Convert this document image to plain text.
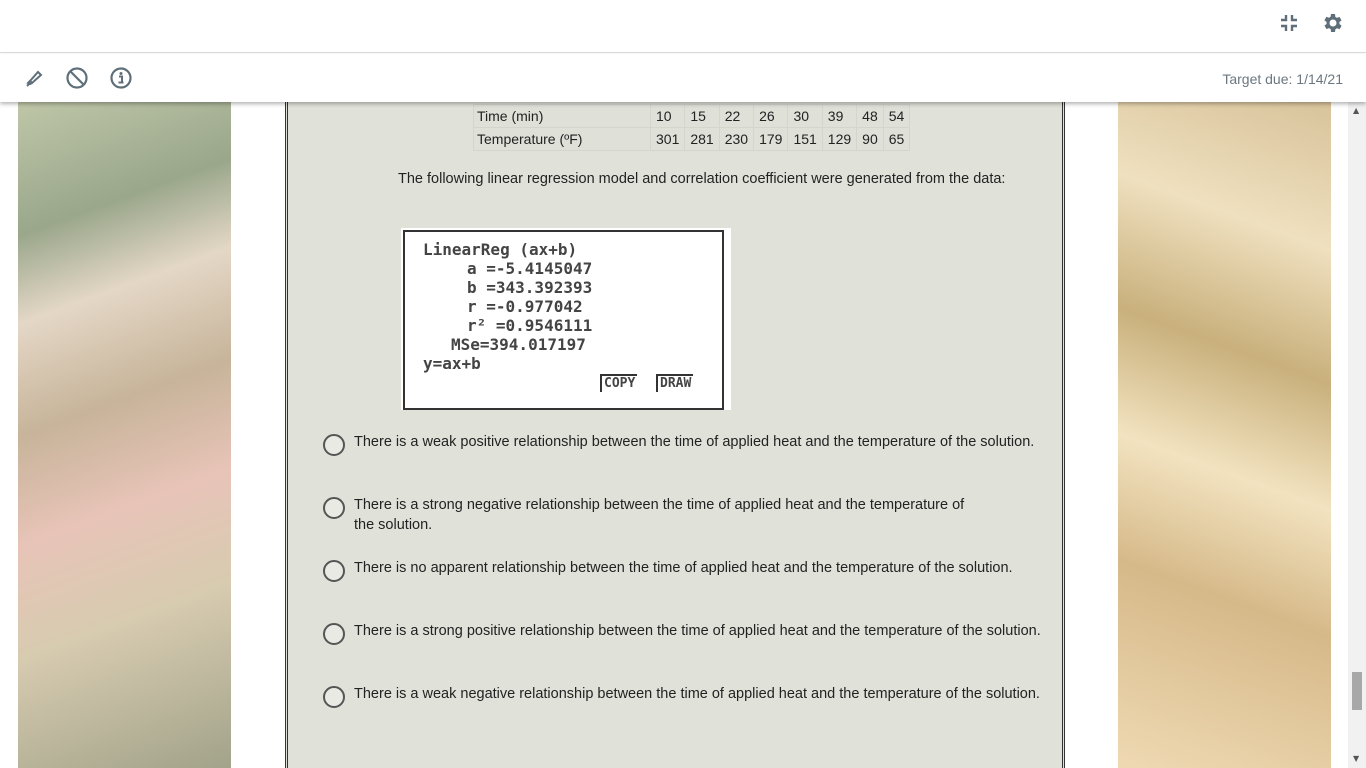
Target due: 1/14/21
Time (min)	10	15	22	26	30	39	48	54
Temperature (ºF)	301	281	230	179	151	129	90	65
The following linear regression model and correlation coefficient were generated from the data:
LinearReg (ax+b)
a =-5.4145047
b =343.392393
r =-0.977042
r² =0.9546111
MSe=394.017197
y=ax+b
COPY	DRAW
There is a weak positive relationship between the time of applied heat and the temperature of the solution.
There is a strong negative relationship between the time of applied heat and the temperature of the solution.
There is no apparent relationship between the time of applied heat and the temperature of the solution.
There is a strong positive relationship between the time of applied heat and the temperature of the solution.
There is a weak negative relationship between the time of applied heat and the temperature of the solution.
▲
▼
